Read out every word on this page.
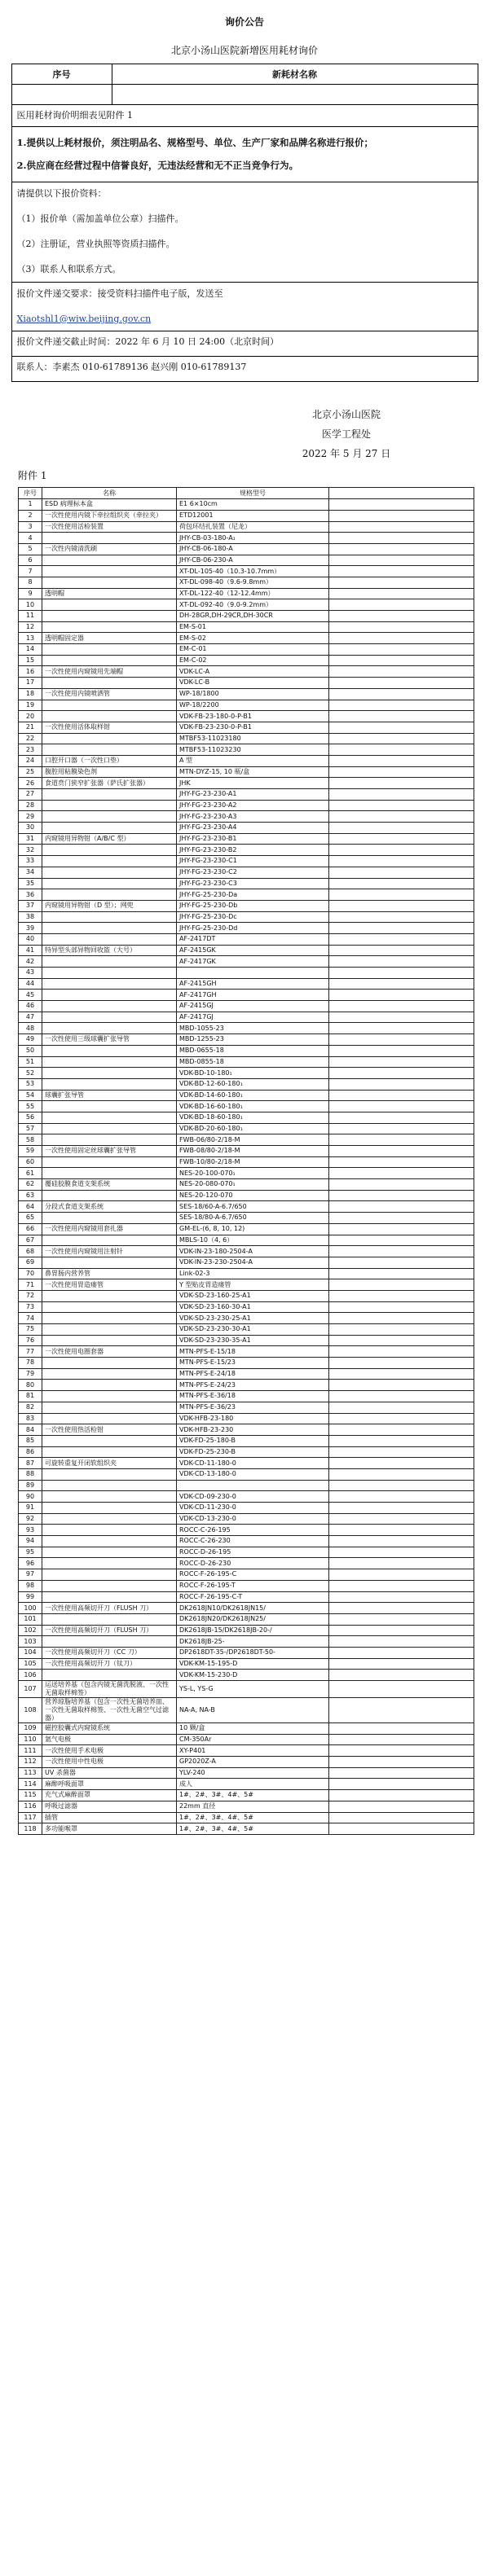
询价公告
北京小汤山医院新增医用耗材询价
序号	新耗材名称

医用耗材询价明细表见附件 1	

1.提供以上耗材报价，须注明品名、规格型号、单位、生产厂家和品牌名称进行报价；
2.供应商在经营过程中信誉良好，无违法经营和无不正当竞争行为。	

请提供以下报价资料：
（1）报价单（需加盖单位公章）扫描件。
（2）注册证，营业执照等资质扫描件。
（3）联系人和联系方式。	

报价文件递交要求：接受资料扫描件电子版，发送至
Xiaotshl1@wiw.beijing.gov.cn	

报价文件递交截止时间：2022 年 6 月 10 日 24:00（北京时间）	
联系人：李素杰 010-61789136 赵兴刚 010-61789137	
北京小汤山医院
医学工程处
2022 年 5 月 27 日
附件 1
序号	名称	规格型号	
1	ESD 病理标本盒	E1 6×10cm	
2	一次性使用内镜下牵拉组织夹（牵拉夹）	ETD12001	
3	一次性使用活检装置	荷包环结扎装置（尼龙）	
4		JHY-CB-03-180-A₁	
5	一次性内镜清洗刷	JHY-CB-06-180-A	
6		JHY-CB-06-230-A	
7		XT-DL-105-40（10.3-10.7mm）	
8		XT-DL-098-40（9.6-9.8mm）	
9	透明帽	XT-DL-122-40（12-12.4mm）	
10		XT-DL-092-40（9.0-9.2mm）	
11		DH-28GR,DH-29CR,DH-30CR	
12		EM-S-01	
13	透明帽固定器	EM-S-02	
14		EM-C-01	
15		EM-C-02	
16	一次性使用内窥镜用先端帽	VDK-LC-A	
17		VDK-LC-B	
18	一次性使用内镜喷洒管	WP-18/1800	
19		WP-18/2200	
20		VDK-FB-23-180-0-P-B1	
21	一次性使用活体取样钳	VDK-FB-23-230-0-P-B1	
22		MTBF53-11023180	
23		MTBF53-11023230	
24	口腔开口器（一次性口垫）	A 型	
25	腹腔用粘膜染色剂	MTN-DYZ-15, 10 瓶/盒	
26	食道贲门狭窄扩张器（萨氏扩张器）	JHK	
27		JHY-FG-23-230-A1	
28		JHY-FG-23-230-A2	
29		JHY-FG-23-230-A3	
30		JHY-FG-23-230-A4	
31	内窥镜用异物钳（A/B/C 型）	JHY-FG-23-230-B1	
32		JHY-FG-23-230-B2	
33		JHY-FG-23-230-C1	
34		JHY-FG-23-230-C2	
35		JHY-FG-23-230-C3	
36		JHY-FG-25-230-Da	
37	内窥镜用异物钳（D 型）；网兜	JHY-FG-25-230-Db	
38		JHY-FG-25-230-Dc	
39		JHY-FG-25-230-Dd	
40		AF-2417DT	
41	特异型头部异物回收篮（大号）	AF-2415GK	
42		AF-2417GK	
43			
44		AF-2415GH	
45		AF-2417GH	
46		AF-2415GJ	
47		AF-2417GJ	
48		MBD-1055-23	
49	一次性使用三级球囊扩张导管	MBD-1255-23	
50		MBD-0655-18	
51		MBD-0855-18	
52		VDK-BD-10-180₁	
53		VDK-BD-12-60-180₁	
54	球囊扩张导管	VDK-BD-14-60-180₁	
55		VDK-BD-16-60-180₁	
56		VDK-BD-18-60-180₁	
57		VDK-BD-20-60-180₁	
58		FWB-06/80-2/18-M	
59	一次性使用固定丝球囊扩张导管	FWB-08/80-2/18-M	
60		FWB-10/80-2/18-M	
61		NES-20-100-070₁	
62	覆硅胶膜食道支架系统	NES-20-080-070₁	
63		NES-20-120-070	
64	分段式食道支架系统	SES-18/60-A-6.7/650	
65		SES-18/80-A-6.7/650	
66	一次性使用内窥镜用套扎器	GM-EL-(6, 8, 10, 12)	
67		MBLS-10（4, 6）	
68	一次性使用内窥镜用注射针	VDK-IN-23-180-2504-A	
69		VDK-IN-23-230-2504-A	
70	鼻胃肠内营养管	Link-02-3	
71	一次性使用胃造瘘管	Y 型贴皮胃造瘘管	
72		VDK-SD-23-160-25-A1	
73		VDK-SD-23-160-30-A1	
74		VDK-SD-23-230-25-A1	
75		VDK-SD-23-230-30-A1	
76		VDK-SD-23-230-35-A1	
77	一次性使用电圈套器	MTN-PFS-E-15/18	
78		MTN-PFS-E-15/23	
79		MTN-PFS-E-24/18	
80		MTN-PFS-E-24/23	
81		MTN-PFS-E-36/18	
82		MTN-PFS-E-36/23	
83		VDK-HFB-23-180	
84	一次性使用热活检钳	VDK-HFB-23-230	
85		VDK-FD-25-180-B	
86		VDK-FD-25-230-B	
87	可旋转重复开闭软组织夹	VDK-CD-11-180-0	
88		VDK-CD-13-180-0	
89			
90		VDK-CD-09-230-0	
91		VDK-CD-11-230-0	
92		VDK-CD-13-230-0	
93		ROCC-C-26-195	
94		ROCC-C-26-230	
95		ROCC-D-26-195	
96		ROCC-D-26-230	
97		ROCC-F-26-195-C	
98		ROCC-F-26-195-T	
99		ROCC-F-26-195-C-T	
100	一次性使用高频切开刀（FLUSH 刀）	DK2618JN10/DK2618JN15/	
101		DK2618JN20/DK2618JN25/	
102	一次性使用高频切开刀（FLUSH 刀）	DK2618JB-15/DK2618JB-20-/	
103		DK2618JB-25-	
104	一次性使用高频切开刀（CC 刀）	DP2618DT-35-/DP2618DT-50-	
105	一次性使用高频切开刀（钛刀）	VDK-KM-15-195-D	
106		VDK-KM-15-230-D	
107	运送培养基（包含内镜无菌洗脱液、一次性无菌取样棉签）	YS-L, YS-G	
108	营养琼脂培养基（包含一次性无菌培养皿、一次性无菌取样棉签、一次性无菌空气过滤器）	NA-A, NA-B	
109	磁控胶囊式内窥镜系统	10 颗/盒	
110	氩气电极	CM-350Ar	
111	一次性使用手术电极	XY-P401	
112	一次性使用中性电极	GP2020Z-A	
113	UV 杀菌器	YLV-240	
114	麻醉呼吸面罩	成人	
115	充气式麻醉面罩	1#、2#、3#、4#、5#	
116	呼吸过滤器	22mm 直径	
117	插管	1#、2#、3#、4#、5#	
118	多功能喉罩	1#、2#、3#、4#、5#	
